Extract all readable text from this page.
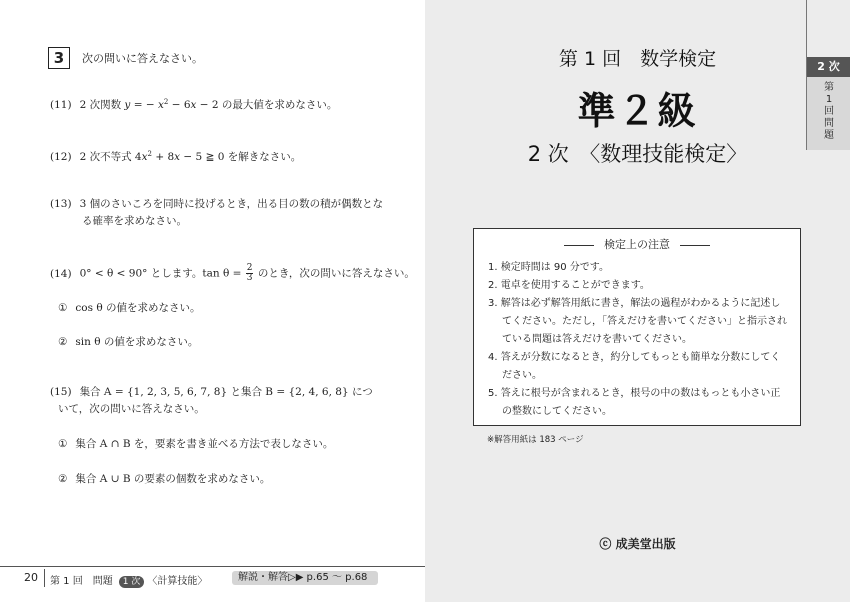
3	次の問いに答えなさい。
(11) 2 次関数 y = − $x^2 - 6x - 2$ の最大値を求めなさい。
(12) 2 次不等式 $4x^2 + 8x - 5$ ≧ 0 を解きなさい。
(13) 3 個のさいころを同時に投げるとき，出る目の数の積が偶数とな
る確率を求めなさい。
(14) 0° < θ < 90° とします。$\tan \theta = \frac{2}{3}$ のとき，次の問いに答えなさい。
① cos θ の値を求めなさい。
② sin θ の値を求めなさい。
(15) 集合 A = {1, 2, 3, 5, 6, 7, 8} と集合 B = {2, 4, 6, 8} につ
いて，次の問いに答えなさい。
① 集合 A ∩ B を，要素を書き並べる方法で表しなさい。
② 集合 A ∪ B の要素の個数を求めなさい。
20 第 1 回　問題 1 次 〈計算技能〉	解説・解答▷▶ p.65 〜 p.68
第 1 回　数学検定
準２級
2 次　〈数理技能検定〉
検定上の注意
1. 検定時間は 90 分です。
2. 電卓を使用することができます。
3. 解答は必ず解答用紙に書き，解法の過程がわかるように記述してください。ただし，「答えだけを書いてください」と指示されている問題は答えだけを書いてください。
4. 答えが分数になるとき，約分してもっとも簡単な分数にしてください。
5. 答えに根号が含まれるとき，根号の中の数はもっとも小さい正の整数にしてください。
※解答用紙は 183 ページ
ⓒ 成美堂出版
2 次
第1回問題
